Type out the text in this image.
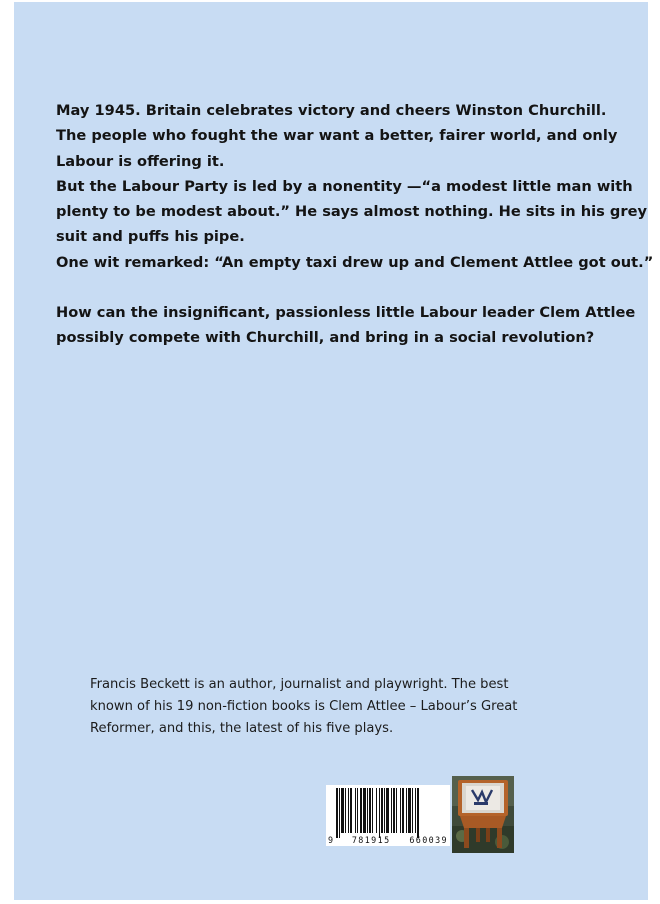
May 1945. Britain celebrates victory and cheers Winston Churchill.

The people who fought the war want a better, fairer world, and only

Labour is offering it.

But the Labour Party is led by a nonentity —“a modest little man with

plenty to be modest about.” He says almost nothing. He sits in his grey

suit and puffs his pipe.

One wit remarked: “An empty taxi drew up and Clement Attlee got out.”

How can the insignificant, passionless little Labour leader Clem Attlee

possibly compete with Churchill, and bring in a social revolution?

Francis Beckett is an author, journalist and playwright. The best

known of his 19 non-fiction books is Clem Attlee – Labour’s Great

Reformer, and this, the latest of his five plays.

9 781915 660039
